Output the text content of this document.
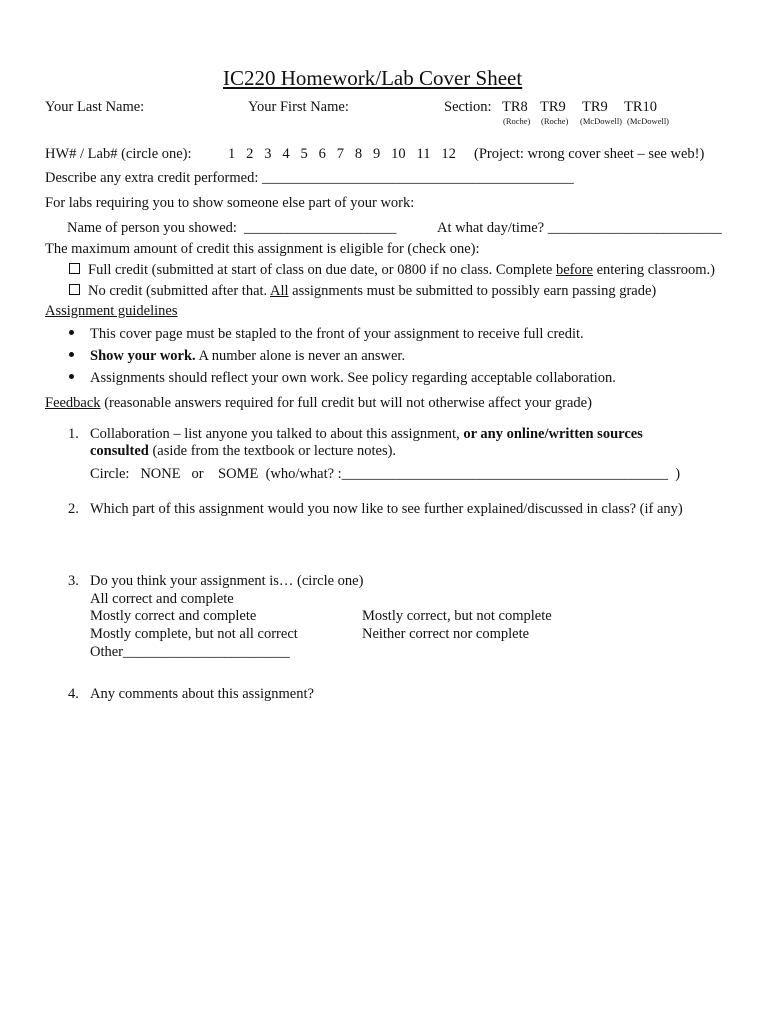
IC220 Homework/Lab Cover Sheet
Your Last Name:	Your First Name:	Section: TR8 TR9 TR9 TR10
(Roche) (Roche) (McDowell) (McDowell)
HW# / Lab# (circle one):	1   2   3   4   5   6   7   8   9   10   11   12 (Project: wrong cover sheet – see web!)
Describe any extra credit performed: ___________________________________________
For labs requiring you to show someone else part of your work:
Name of person you showed:  _____________________	At what day/time? ________________________
The maximum amount of credit this assignment is eligible for (check one):
Full credit (submitted at start of class on due date, or 0800 if no class. Complete before entering classroom.)
No credit (submitted after that. All assignments must be submitted to possibly earn passing grade)
Assignment guidelines
This cover page must be stapled to the front of your assignment to receive full credit.
Show your work. A number alone is never an answer.
Assignments should reflect your own work. See policy regarding acceptable collaboration.
Feedback (reasonable answers required for full credit but will not otherwise affect your grade)
1. Collaboration – list anyone you talked to about this assignment, or any online/written sources
consulted (aside from the textbook or lecture notes).
Circle:   NONE   or    SOME  (who/what? :_____________________________________________  )
2. Which part of this assignment would you now like to see further explained/discussed in class? (if any)
3. Do you think your assignment is… (circle one)
All correct and complete
Mostly correct and complete	Mostly correct, but not complete
Mostly complete, but not all correct	Neither correct nor complete
Other_______________________
4. Any comments about this assignment?
